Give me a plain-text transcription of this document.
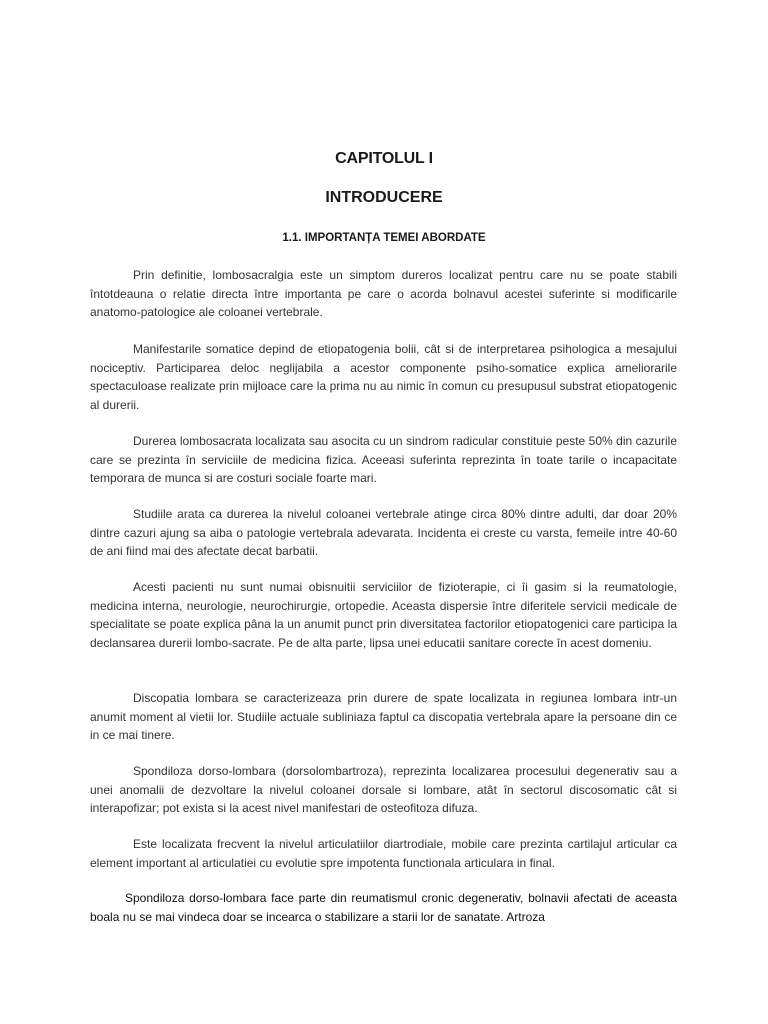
CAPITOLUL I
INTRODUCERE
1.1. IMPORTANȚA TEMEI ABORDATE

Prin definitie, lombosacralgia este un simptom dureros localizat pentru care nu se poate stabili întotdeauna o relatie directa între importanta pe care o acorda bolnavul acestei suferinte si modificarile anatomo-patologice ale coloanei vertebrale.

Manifestarile somatice depind de etiopatogenia bolii, cât si de interpretarea psihologica a mesajului nociceptiv. Participarea deloc neglijabila a acestor componente psiho-somatice explica ameliorarile spectaculoase realizate prin mijloace care la prima nu au nimic în comun cu presupusul substrat etiopatogenic al durerii.

Durerea lombosacrata localizata sau asocita cu un sindrom radicular constituie peste 50% din cazurile care se prezinta în serviciile de medicina fizica. Aceeasi suferinta reprezinta în toate tarile o incapacitate temporara de munca si are costuri sociale foarte mari.

Studiile arata ca durerea la nivelul coloanei vertebrale atinge circa 80% dintre adulti, dar doar 20% dintre cazuri ajung sa aiba o patologie vertebrala adevarata. Incidenta ei creste cu varsta, femeile intre 40-60 de ani fiind mai des afectate decat barbatii.

Acesti pacienti nu sunt numai obisnuitii serviciilor de fizioterapie, ci îi gasim si la reumatologie, medicina interna, neurologie, neurochirurgie, ortopedie. Aceasta dispersie între diferitele servicii medicale de specialitate se poate explica pâna la un anumit punct prin diversitatea factorilor etiopatogenici care participa la declansarea durerii lombo-sacrate. Pe de alta parte, lipsa unei educatii sanitare corecte în acest domeniu.

Discopatia lombara se caracterizeaza prin durere de spate localizata in regiunea lombara intr-un anumit moment al vietii lor. Studiile actuale subliniaza faptul ca discopatia vertebrala apare la persoane din ce in ce mai tinere.

Spondiloza dorso-lombara (dorsolombartroza), reprezinta localizarea procesului degenerativ sau a unei anomalii de dezvoltare la nivelul coloanei dorsale si lombare, atât în sectorul discosomatic cât si interapofizar; pot exista si la acest nivel manifestari de osteofitoza difuza.

Este localizata frecvent la nivelul articulatiilor diartrodiale, mobile care prezinta cartilajul articular ca element important al articulatiei cu evolutie spre impotenta functionala articulara in final.

Spondiloza dorso-lombara face parte din reumatismul cronic degenerativ, bolnavii afectati de aceasta boala nu se mai vindeca doar se incearca o stabilizare a starii lor de sanatate. Artroza
